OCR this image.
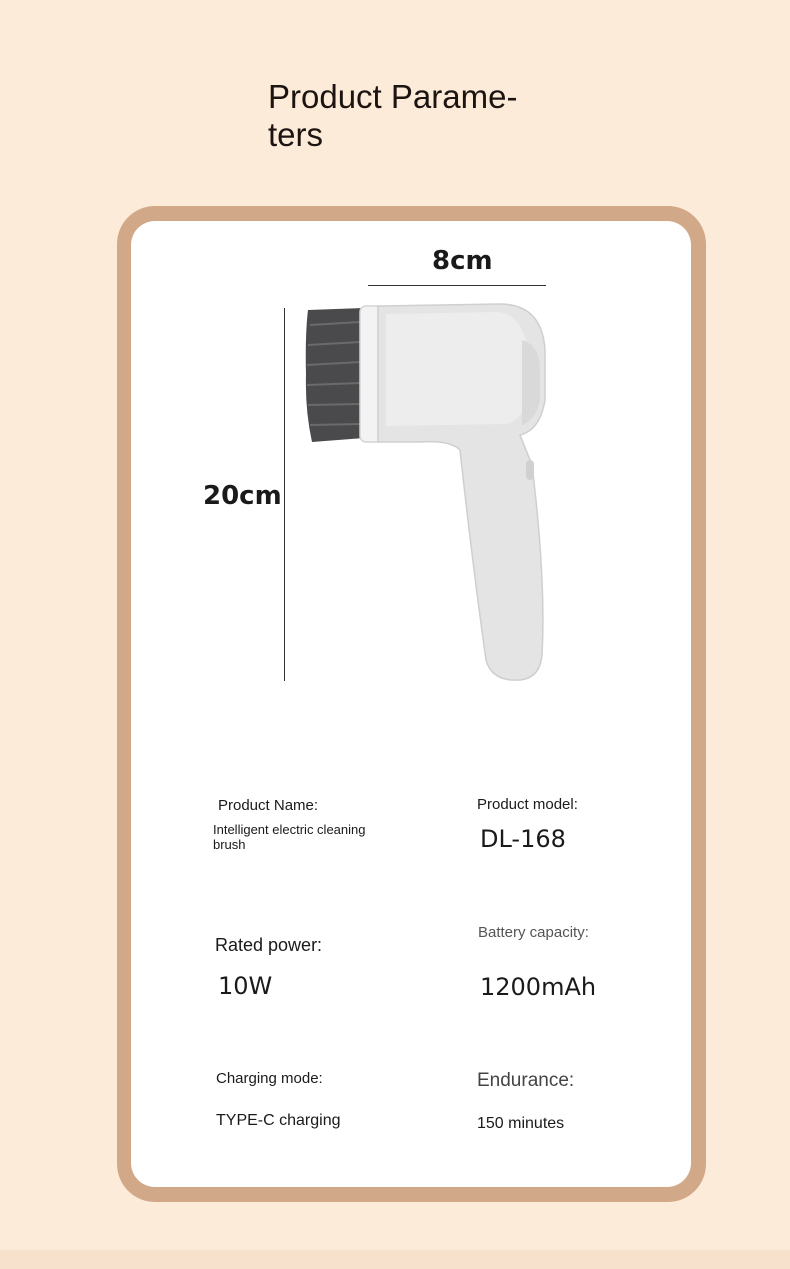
Product Parame-
ters
8cm
20cm
Product Name:
Intelligent electric cleaning
brush
Product model:
DL-168
Rated power:
10W
Battery capacity:
1200mAh
Charging mode:
TYPE-C charging
Endurance:
150 minutes
